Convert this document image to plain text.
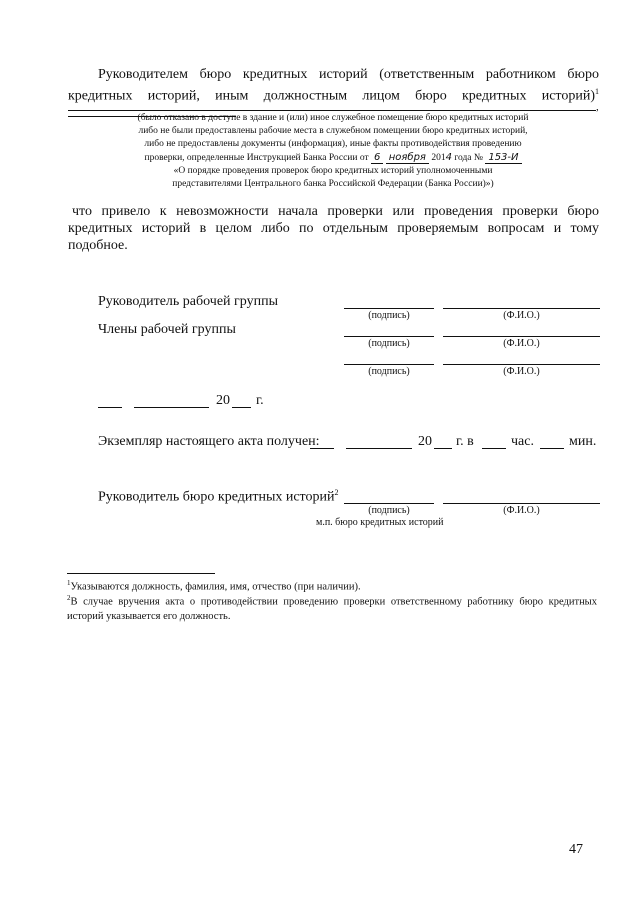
Руководителем бюро кредитных историй (ответственным работником бюро кредитных историй, иным должностным лицом бюро кредитных историй)$^1$
,
(было отказано в доступе в здание и (или) иное служебное помещение бюро кредитных историй
либо не были предоставлены рабочие места в служебном помещении бюро кредитных историй,
либо не предоставлены документы (информация), иные факты противодействия проведению
проверки, определенные Инструкцией Банка России от 6 ноября 2014 года № 153-И
«О порядке проведения проверок бюро кредитных историй уполномоченными
представителями Центрального банка Российской Федерации (Банка России)»)
что привело к невозможности начала проверки или проведения проверки бюро кредитных историй в целом либо по отдельным проверяемым вопросам и тому подобное.
Руководитель рабочей группы
(подпись)	(Ф.И.О.)
Члены рабочей группы
(подпись)	(Ф.И.О.)
(подпись)	(Ф.И.О.)
20 г.
Экземпляр настоящего акта получен:	20 г. в	час.	мин.
Руководитель бюро кредитных историй$^2$
(подпись)	(Ф.И.О.)
м.п. бюро кредитных историй
$^1$Указываются должность, фамилия, имя, отчество (при наличии).
$^2$В случае вручения акта о противодействии проведению проверки ответственному работнику бюро кредитных историй указывается его должность.
47
